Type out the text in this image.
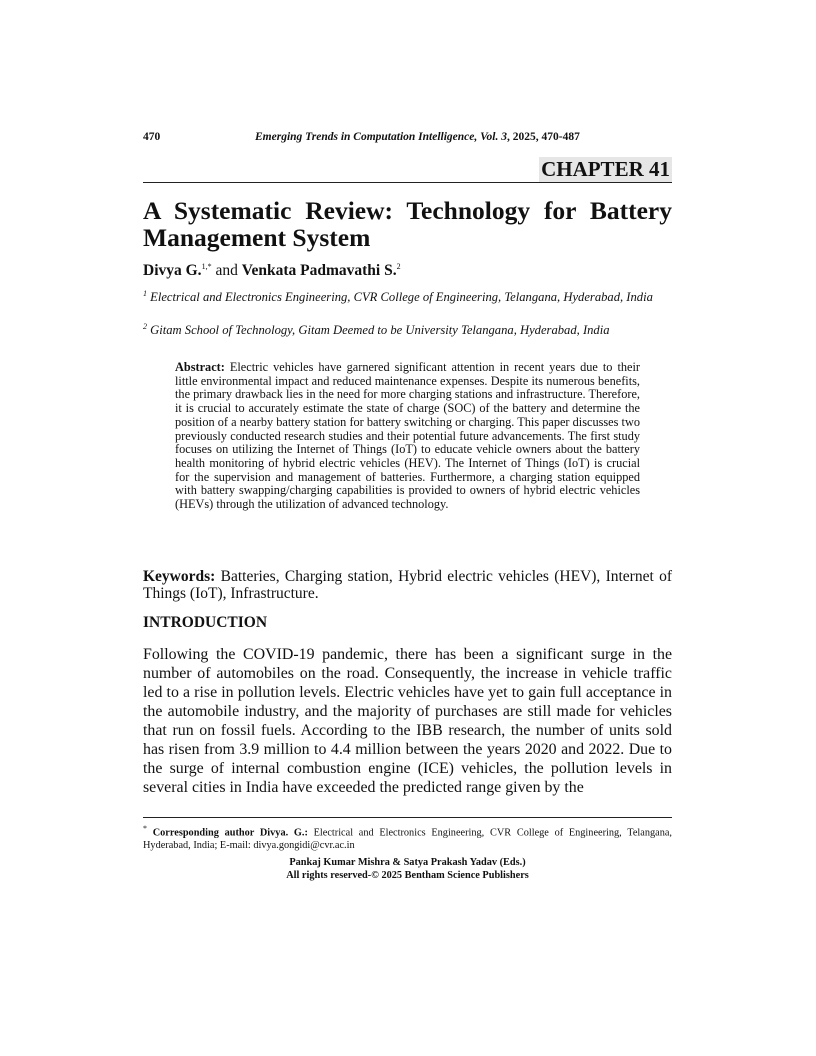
470	Emerging Trends in Computation Intelligence, Vol. 3, 2025, 470-487
CHAPTER 41
A Systematic Review: Technology for Battery Management System
Divya G.$^{1,*}$ and Venkata Padmavathi S.$^2$
$^1$ Electrical and Electronics Engineering, CVR College of Engineering, Telangana, Hyderabad, India
$^2$ Gitam School of Technology, Gitam Deemed to be University Telangana, Hyderabad, India
Abstract: Electric vehicles have garnered significant attention in recent years due to their little environmental impact and reduced maintenance expenses. Despite its numerous benefits, the primary drawback lies in the need for more charging stations and infrastructure. Therefore, it is crucial to accurately estimate the state of charge (SOC) of the battery and determine the position of a nearby battery station for battery switching or charging. This paper discusses two previously conducted research studies and their potential future advancements. The first study focuses on utilizing the Internet of Things (IoT) to educate vehicle owners about the battery health monitoring of hybrid electric vehicles (HEV). The Internet of Things (IoT) is crucial for the supervision and management of batteries. Furthermore, a charging station equipped with battery swapping/charging capabilities is provided to owners of hybrid electric vehicles (HEVs) through the utilization of advanced technology.
Keywords: Batteries, Charging station, Hybrid electric vehicles (HEV), Internet of Things (IoT), Infrastructure.
INTRODUCTION
Following the COVID-19 pandemic, there has been a significant surge in the number of automobiles on the road. Consequently, the increase in vehicle traffic led to a rise in pollution levels. Electric vehicles have yet to gain full acceptance in the automobile industry, and the majority of purchases are still made for vehicles that run on fossil fuels. According to the IBB research, the number of units sold has risen from 3.9 million to 4.4 million between the years 2020 and 2022. Due to the surge of internal combustion engine (ICE) vehicles, the pollution levels in several cities in India have exceeded the predicted range given by the
* Corresponding author Divya. G.: Electrical and Electronics Engineering, CVR College of Engineering, Telangana, Hyderabad, India; E-mail: divya.gongidi@cvr.ac.in
Pankaj Kumar Mishra & Satya Prakash Yadav (Eds.)
All rights reserved-© 2025 Bentham Science Publishers
